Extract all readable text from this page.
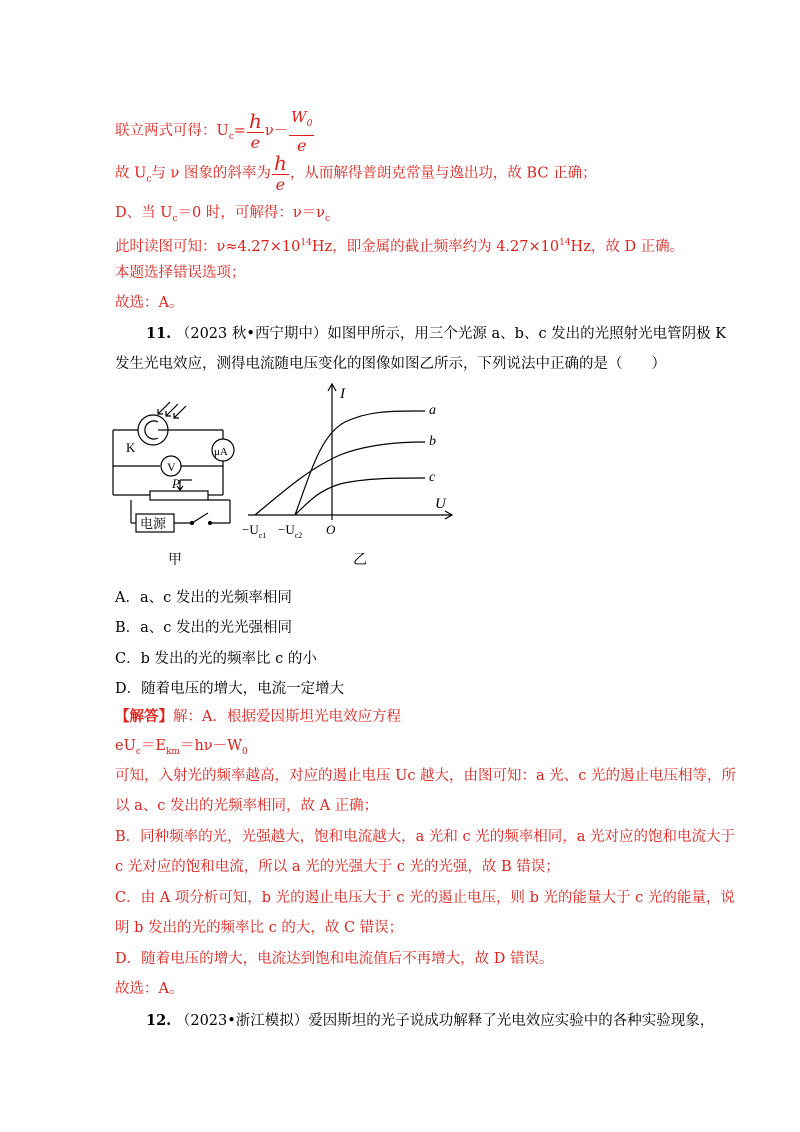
联立两式可得：$U_c= \frac{h}{e} \nu- \frac{W_0}{e}$
故 $U_c$与 ν 图象的斜率为 $\frac{h}{e}$ ，从而解得普朗克常量与逸出功，故 BC 正确；
D、当 $U_c=0$ 时，可解得：$\nu=\nu_c$
此时读图可知：$\nu\approx 4.27\times 10^{14}Hz$，即金属的截止频率约为 $4.27\times 10^{14}Hz$，故 D 正确。
本题选择错误选项；
故选：A。
11. （2023 秋•西宁期中）如图甲所示，用三个光源 a、b、c 发出的光照射光电管阴极 K
发生光电效应，测得电流随电压变化的图像如图乙所示，下列说法中正确的是（　　）
K
V
μA
P
电源
甲
I
U
a
b
c
O
$-U_{c1} -U_{c2}$
乙
A．a、c 发出的光频率相同
B．a、c 发出的光光强相同
C．b 发出的光的频率比 c 的小
D．随着电压的增大，电流一定增大
【解答】解：A．根据爱因斯坦光电效应方程
$eU_c=E_{km}=h\nu-W_0$
可知，入射光的频率越高，对应的遏止电压 Uc 越大，由图可知：a 光、c 光的遏止电压相等，所
以 a、c 发出的光频率相同，故 A 正确；
B．同种频率的光，光强越大，饱和电流越大，a 光和 c 光的频率相同，a 光对应的饱和电流大于
c 光对应的饱和电流，所以 a 光的光强大于 c 光的光强，故 B 错误；
C．由 A 项分析可知，b 光的遏止电压大于 c 光的遏止电压，则 b 光的能量大于 c 光的能量，说
明 b 发出的光的频率比 c 的大，故 C 错误；
D．随着电压的增大，电流达到饱和电流值后不再增大，故 D 错误。
故选：A。
12. （2023•浙江模拟）爱因斯坦的光子说成功解释了光电效应实验中的各种实验现象，
